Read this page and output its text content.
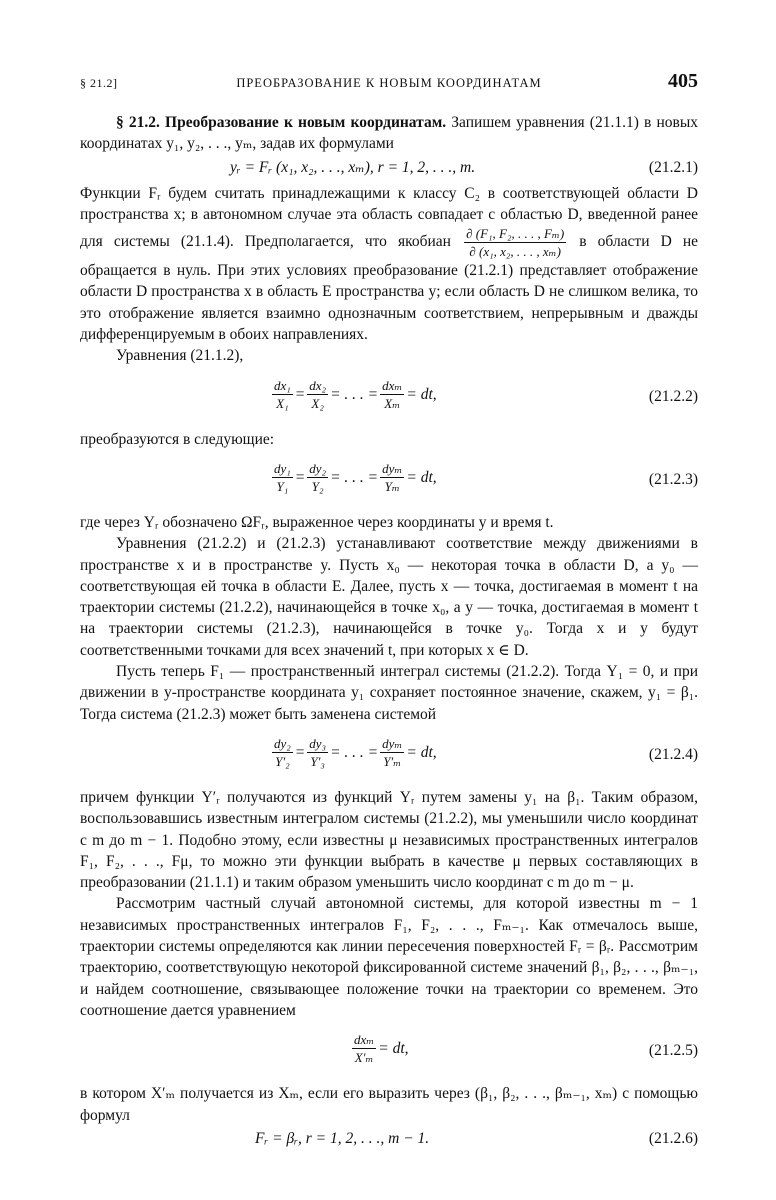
§ 21.2]	ПРЕОБРАЗОВАНИЕ К НОВЫМ КООРДИНАТАМ	405

§ 21.2. Преобразование к новым координатам. Запишем уравнения (21.1.1) в новых координатах y₁, y₂, . . ., yₘ, задав их формулами

yᵣ = Fᵣ (x₁, x₂, . . ., xₘ), r = 1, 2, . . ., m.	(21.2.1)

Функции Fᵣ будем считать принадлежащими к классу C₂ в соответствующей области D пространства x; в автономном случае эта область совпадает с областью D, введенной ранее для системы (21.1.4). Предполагается, что якобиан $\frac{\text{∂ (F₁, F₂, . . . , Fₘ)}}{\text{∂ (x₁, x₂, . . . , xₘ)}}$ в области D не обращается в нуль. При этих условиях преобразование (21.2.1) представляет отображение области D пространства x в область E пространства y; если область D не слишком велика, то это отображение является взаимно однозначным соответствием, непрерывным и дважды дифференцируемым в обоих направлениях.

Уравнения (21.1.2),

$\frac{\text{dx₁}}{\text{X₁}} = \frac{\text{dx₂}}{\text{X₂}}$ = . . . = $\frac{\text{dxₘ}}{\text{Xₘ}}$ = dt,	(21.2.2)

преобразуются в следующие:

$\frac{\text{dy₁}}{\text{Y₁}} = \frac{\text{dy₂}}{\text{Y₂}}$ = . . . = $\frac{\text{dyₘ}}{\text{Yₘ}}$ = dt,	(21.2.3)

где через Yᵣ обозначено ΩFᵣ, выраженное через координаты y и время t.

Уравнения (21.2.2) и (21.2.3) устанавливают соответствие между движениями в пространстве x и в пространстве y. Пусть x₀ — некоторая точка в области D, а y₀ — соответствующая ей точка в области E. Далее, пусть x — точка, достигаемая в момент t на траектории системы (21.2.2), начинающейся в точке x₀, а y — точка, достигаемая в момент t на траектории системы (21.2.3), начинающейся в точке y₀. Тогда x и y будут соответственными точками для всех значений t, при которых x ∈ D.

Пусть теперь F₁ — пространственный интеграл системы (21.2.2). Тогда Y₁ = 0, и при движении в y-пространстве координата y₁ сохраняет постоянное значение, скажем, y₁ = β₁. Тогда система (21.2.3) может быть заменена системой

$\frac{\text{dy₂}}{\text{Y′₂}} = \frac{\text{dy₃}}{\text{Y′₃}}$ = . . . = $\frac{\text{dyₘ}}{\text{Y′ₘ}}$ = dt,	(21.2.4)

причем функции Y′ᵣ получаются из функций Yᵣ путем замены y₁ на β₁. Таким образом, воспользовавшись известным интегралом системы (21.2.2), мы уменьшили число координат с m до m − 1. Подобно этому, если известны μ независимых пространственных интегралов F₁, F₂, . . ., Fμ, то можно эти функции выбрать в качестве μ первых составляющих в преобразовании (21.1.1) и таким образом уменьшить число координат с m до m − μ.

Рассмотрим частный случай автономной системы, для которой известны m − 1 независимых пространственных интегралов F₁, F₂, . . ., Fₘ₋₁. Как отмечалось выше, траектории системы определяются как линии пересечения поверхностей Fᵣ = βᵣ. Рассмотрим траекторию, соответствующую некоторой фиксированной системе значений β₁, β₂, . . ., βₘ₋₁, и найдем соотношение, связывающее положение точки на траектории со временем. Это соотношение дается уравнением

$\frac{\text{dxₘ}}{\text{X′ₘ}}$ = dt,	(21.2.5)

в котором X′ₘ получается из Xₘ, если его выразить через (β₁, β₂, . . ., βₘ₋₁, xₘ) с помощью формул

Fᵣ = βᵣ, r = 1, 2, . . ., m − 1.	(21.2.6)
